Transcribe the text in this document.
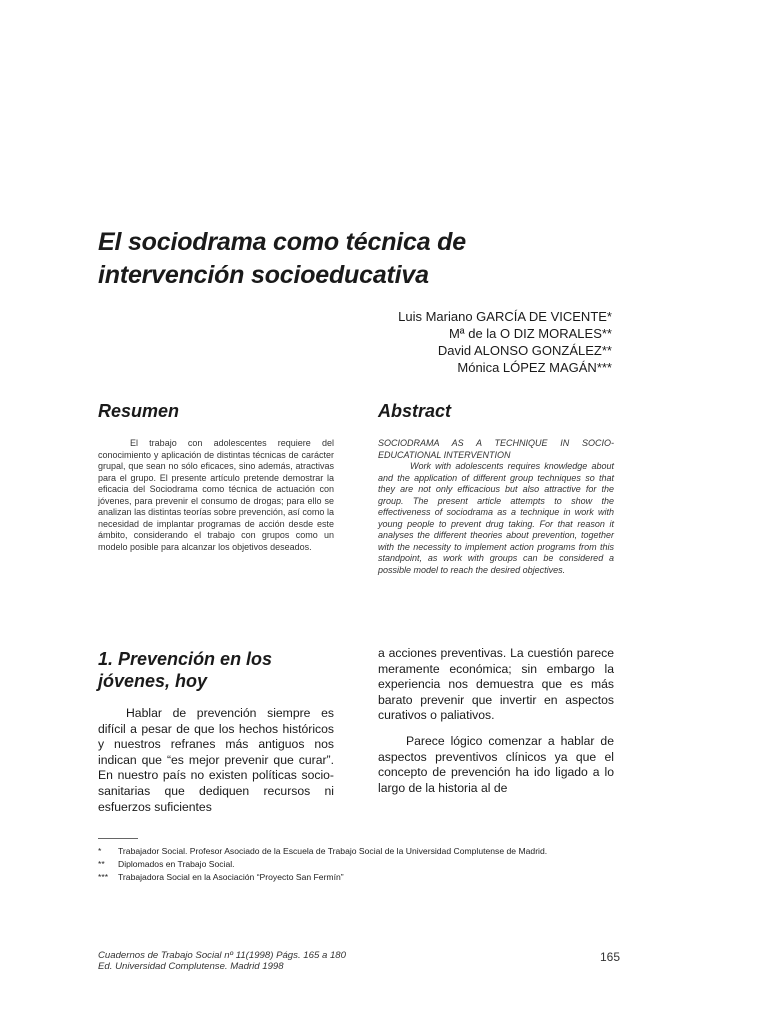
El sociodrama como técnica de
intervención socioeducativa
Luis Mariano GARCÍA DE VICENTE*
Mª de la O DIZ MORALES**
David ALONSO GONZÁLEZ**
Mónica LÓPEZ MAGÁN***
Resumen

El trabajo con adolescentes requiere del conocimiento y aplicación de distintas técnicas de carácter grupal, que sean no sólo eficaces, sino además, atractivas para el grupo. El presente artículo pretende demostrar la eficacia del Sociodrama como técnica de actuación con jóvenes, para prevenir el consumo de drogas; para ello se analizan las distintas teorías sobre prevención, así como la necesidad de implantar programas de acción desde este ámbito, considerando el trabajo con grupos como un modelo posible para alcanzar los objetivos deseados.

Abstract

SOCIODRAMA AS A TECHNIQUE IN SOCIO-EDUCATIONAL INTERVENTION

Work with adolescents requires knowledge about and the application of different group techniques so that they are not only efficacious but also attractive for the group. The present article attempts to show the effectiveness of sociodrama as a technique in work with young people to prevent drug taking. For that reason it analyses the different theories about prevention, together with the necessity to implement action programs from this standpoint, as work with groups can be considered a possible model to reach the desired objectives.

1. Prevención en los
jóvenes, hoy

Hablar de prevención siempre es difícil a pesar de que los hechos históricos y nuestros refranes más antiguos nos indican que “es mejor prevenir que curar”. En nuestro país no existen políticas socio-sanitarias que dediquen recursos ni esfuerzos suficientes

a acciones preventivas. La cuestión parece meramente económica; sin embargo la experiencia nos demuestra que es más barato prevenir que invertir en aspectos curativos o paliativos.

Parece lógico comenzar a hablar de aspectos preventivos clínicos ya que el concepto de prevención ha ido ligado a lo largo de la historia al de

*	Trabajador Social. Profesor Asociado de la Escuela de Trabajo Social de la Universidad Complutense de Madrid.
**	Diplomados en Trabajo Social.
***	Trabajadora Social en la Asociación “Proyecto San Fermín”
Cuadernos de Trabajo Social nº 11(1998) Págs. 165 a 180
Ed. Universidad Complutense. Madrid 1998
165
